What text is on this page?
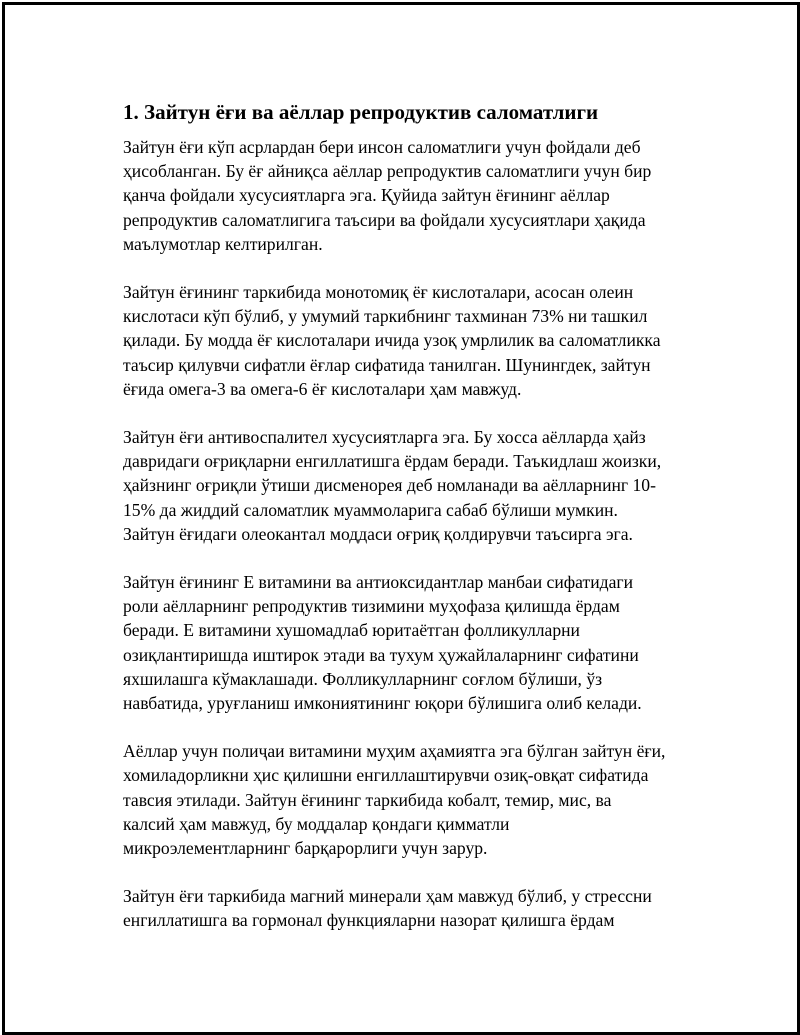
1. Зайтун ёғи ва аёллар репродуктив саломатлиги

Зайтун ёғи кўп асрлардан бери инсон саломатлиги учун фойдали деб
ҳисобланган. Бу ёғ айниқса аёллар репродуктив саломатлиги учун бир
қанча фойдали хусусиятларга эга. Қуйида зайтун ёғининг аёллар
репродуктив саломатлигига таъсири ва фойдали хусусиятлари ҳақида
маълумотлар келтирилган.

Зайтун ёғининг таркибида монотомиқ ёғ кислоталари, асосан олеин
кислотаси кўп бўлиб, у умумий таркибнинг тахминан 73% ни ташкил
қилади. Бу модда ёғ кислоталари ичида узоқ умрлилик ва саломатликка
таъсир қилувчи сифатли ёғлар сифатида танилган. Шунингдек, зайтун
ёғида омега-3 ва омега-6 ёғ кислоталари ҳам мавжуд.

Зайтун ёғи антивоспалител хусусиятларга эга. Бу хосса аёлларда ҳайз
давридаги оғриқларни енгиллатишга ёрдам беради. Таъкидлаш жоизки,
ҳайзнинг оғриқли ўтиши дисменорея деб номланади ва аёлларнинг 10-
15% да жиддий саломатлик муаммоларига сабаб бўлиши мумкин.
Зайтун ёғидаги олеокантал моддаси оғриқ қолдирувчи таъсирга эга.

Зайтун ёғининг Е витамини ва антиоксидантлар манбаи сифатидаги
роли аёлларнинг репродуктив тизимини муҳофаза қилишда ёрдам
беради. Е витамини хушомадлаб юритаётган фолликулларни
озиқлантиришда иштирок этади ва тухум ҳужайлаларнинг сифатини
яхшилашга кўмаклашади. Фолликулларнинг соғлом бўлиши, ўз
навбатида, уруғланиш имкониятининг юқори бўлишига олиб келади.

Аёллар учун полиҷаи витамини муҳим аҳамиятга эга бўлган зайтун ёғи,
хомиладорликни ҳис қилишни енгиллаштирувчи озиқ-овқат сифатида
тавсия этилади. Зайтун ёғининг таркибида кобалт, темир, мис, ва
калсий ҳам мавжуд, бу моддалар қондаги қимматли
микроэлементларнинг барқарорлиги учун зарур.

Зайтун ёғи таркибида магний минерали ҳам мавжуд бўлиб, у стрессни
енгиллатишга ва гормонал функцияларни назорат қилишга ёрдам
